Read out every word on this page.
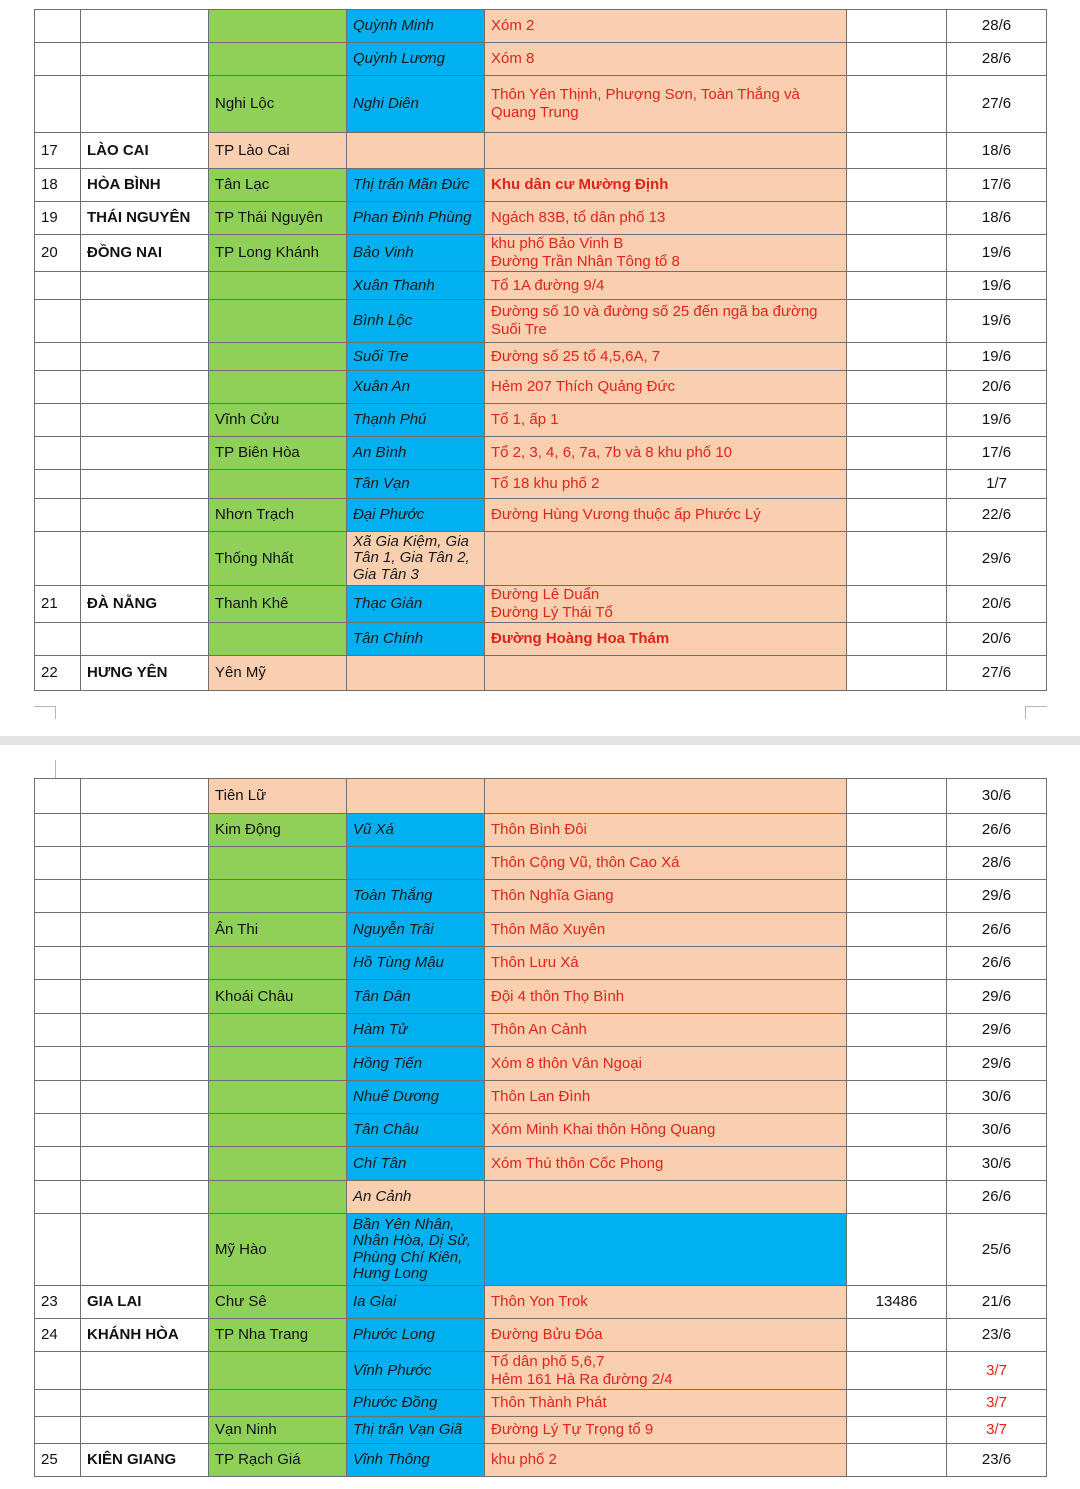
			Quỳnh Minh	Xóm 2		28/6
			Quỳnh Lương	Xóm 8		28/6
		Nghi Lộc	Nghi Diên	Thôn Yên Thịnh, Phượng Sơn, Toàn Thắng và Quang Trung		27/6
17	LÀO CAI	TP Lào Cai				18/6
18	HÒA BÌNH	Tân Lạc	Thị trấn Mãn Đức	Khu dân cư Mường Định		17/6
19	THÁI NGUYÊN	TP Thái Nguyên	Phan Đình Phùng	Ngách 83B, tổ dân phố 13		18/6
20	ĐỒNG NAI	TP Long Khánh	Bảo Vinh	khu phố Bảo Vinh B
Đường Trần Nhân Tông tổ 8		19/6
			Xuân Thanh	Tổ 1A đường 9/4		19/6
			Bình Lộc	Đường số 10 và đường số 25 đến ngã ba đường Suối Tre		19/6
			Suối Tre	Đường số 25 tổ 4,5,6A, 7		19/6
			Xuân An	Hẻm 207 Thích Quảng Đức		20/6
		Vĩnh Cửu	Thạnh Phú	Tổ 1, ấp 1		19/6
		TP Biên Hòa	An Bình	Tổ 2, 3, 4, 6, 7a, 7b và 8 khu phố 10		17/6
			Tân Vạn	Tổ 18 khu phố 2		1/7
		Nhơn Trạch	Đại Phước	Đường Hùng Vương thuộc ấp Phước Lý		22/6
		Thống Nhất	Xã Gia Kiệm, Gia Tân 1, Gia Tân 2, Gia Tân 3			29/6
21	ĐÀ NẴNG	Thanh Khê	Thạc Gián	Đường Lê Duẩn
Đường Lý Thái Tổ		20/6
			Tân Chính	Đường Hoàng Hoa Thám		20/6
22	HƯNG YÊN	Yên Mỹ				27/6
		Tiên Lữ				30/6
		Kim Động	Vũ Xá	Thôn Bình Đôi		26/6
				Thôn Cộng Vũ, thôn Cao Xá		28/6
			Toàn Thắng	Thôn Nghĩa Giang		29/6
		Ân Thi	Nguyễn Trãi	Thôn Mão Xuyên		26/6
			Hồ Tùng Mậu	Thôn Lưu Xá		26/6
		Khoái Châu	Tân Dân	Đội 4 thôn Thọ Bình		29/6
			Hàm Tử	Thôn An Cảnh		29/6
			Hồng Tiến	Xóm 8 thôn Vân Ngoại		29/6
			Nhuế Dương	Thôn Lan Đình		30/6
			Tân Châu	Xóm Minh Khai thôn Hồng Quang		30/6
			Chí Tân	Xóm Thú thôn Cốc Phong		30/6
			An Cảnh			26/6
		Mỹ Hào	Bần Yên Nhân, Nhân Hòa, Dị Sử, Phùng Chí Kiên, Hưng Long			25/6
23	GIA LAI	Chư Sê	Ia Glai	Thôn Yon Trok	13486	21/6
24	KHÁNH HÒA	TP Nha Trang	Phước Long	Đường Bửu Đóa		23/6
			Vĩnh Phước	Tổ dân phố 5,6,7
Hẻm 161 Hà Ra đường 2/4		3/7
			Phước Đồng	Thôn Thành Phát		3/7
		Vạn Ninh	Thị trấn Vạn Giã	Đường Lý Tự Trọng tổ 9		3/7
25	KIÊN GIANG	TP Rạch Giá	Vĩnh Thông	khu phố 2		23/6
